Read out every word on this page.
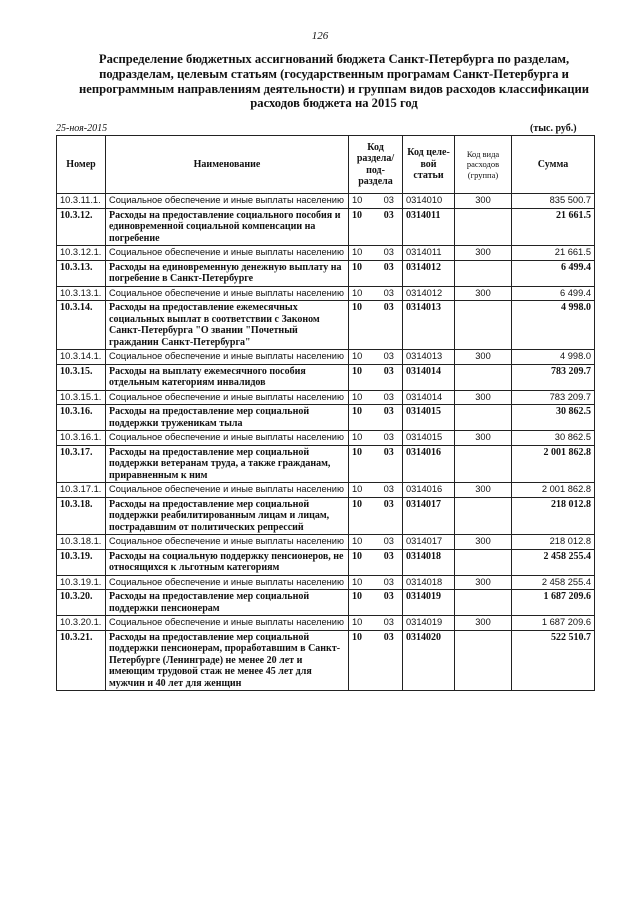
126
Распределение бюджетных ассигнований бюджета Санкт-Петербурга по разделам, подразделам, целевым статьям (государственным програмам Санкт-Петербурга и непрограммным направлениям деятельности) и группам видов расходов классификации расходов бюджета на 2015 год
25-ноя-2015	(тыс. руб.)
Номер	Наименование	Код раздела/ под- раздела	Код целе- вой статьи	Код вида расходов (группа)	Сумма
10.3.11.1.	Социальное обеспечение и иные выплаты населению	10 03	0314010	300	835 500.7
10.3.12.	Расходы на предоставление социального пособия и единовременной социальной компенсации на погребение	10 03	0314011		21 661.5
10.3.12.1.	Социальное обеспечение и иные выплаты населению	10 03	0314011	300	21 661.5
10.3.13.	Расходы на единовременную денежную выплату на погребение в Санкт-Петербурге	10 03	0314012		6 499.4
10.3.13.1.	Социальное обеспечение и иные выплаты населению	10 03	0314012	300	6 499.4
10.3.14.	Расходы на предоставление ежемесячных социальных выплат в соответствии с Законом Санкт-Петербурга "О звании "Почетный гражданин Санкт-Петербурга"	10 03	0314013		4 998.0
10.3.14.1.	Социальное обеспечение и иные выплаты населению	10 03	0314013	300	4 998.0
10.3.15.	Расходы на выплату ежемесячного пособия отдельным категориям инвалидов	10 03	0314014		783 209.7
10.3.15.1.	Социальное обеспечение и иные выплаты населению	10 03	0314014	300	783 209.7
10.3.16.	Расходы на предоставление мер социальной поддержки труженикам тыла	10 03	0314015		30 862.5
10.3.16.1.	Социальное обеспечение и иные выплаты населению	10 03	0314015	300	30 862.5
10.3.17.	Расходы на предоставление мер социальной поддержки ветеранам труда, а также гражданам, приравненным к ним	10 03	0314016		2 001 862.8
10.3.17.1.	Социальное обеспечение и иные выплаты населению	10 03	0314016	300	2 001 862.8
10.3.18.	Расходы на предоставление мер социальной поддержки реабилитированным лицам и лицам, пострадавшим от политических репрессий	10 03	0314017		218 012.8
10.3.18.1.	Социальное обеспечение и иные выплаты населению	10 03	0314017	300	218 012.8
10.3.19.	Расходы на социальную поддержку пенсионеров, не относящихся к льготным категориям	10 03	0314018		2 458 255.4
10.3.19.1.	Социальное обеспечение и иные выплаты населению	10 03	0314018	300	2 458 255.4
10.3.20.	Расходы на предоставление мер социальной поддержки пенсионерам	10 03	0314019		1 687 209.6
10.3.20.1.	Социальное обеспечение и иные выплаты населению	10 03	0314019	300	1 687 209.6
10.3.21.	Расходы на предоставление мер социальной поддержки пенсионерам, проработавшим в Санкт-Петербурге (Ленинграде) не менее 20 лет и имеющим трудовой стаж не менее 45 лет для мужчин и 40 лет для женщин	10 03	0314020		522 510.7
